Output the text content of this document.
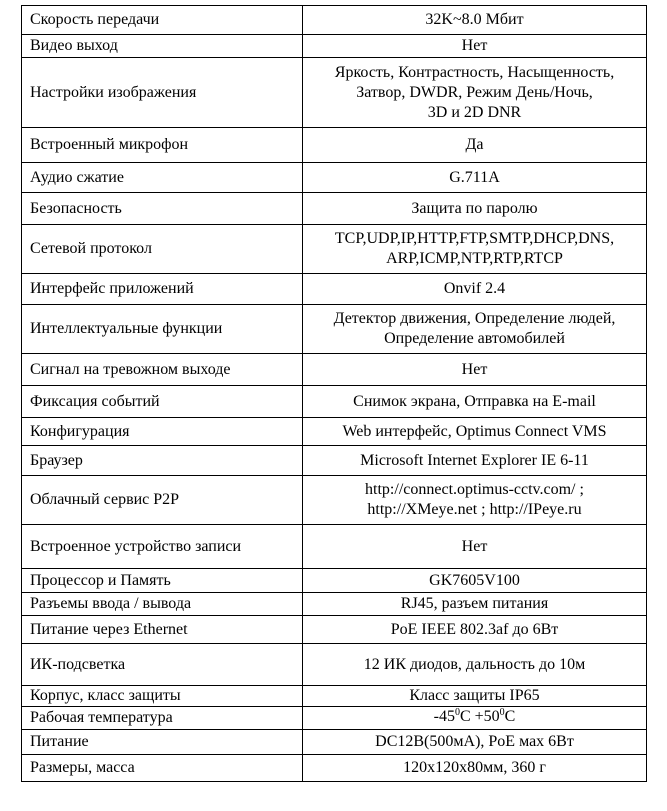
Скорость передачи	32K~8.0 Мбит

Видео выход	Нет

Настройки изображения	Яркость, Контрастность, Насыщенность,
Затвор, DWDR, Режим День/Ночь,
3D и 2D DNR

Встроенный микрофон	Да

Аудио сжатие	G.711A

Безопасность	Защита по паролю

Сетевой протокол	TCP,UDP,IP,HTTP,FTP,SMTP,DHCP,DNS,
ARP,ICMP,NTP,RTP,RTCP

Интерфейс приложений	Onvif 2.4

Интеллектуальные функции	Детектор движения, Определение людей,
Определение автомобилей

Сигнал на тревожном выходе	Нет

Фиксация событий	Снимок экрана, Отправка на E-mail

Конфигурация	Web интерфейс, Optimus Connect VMS

Браузер	Microsoft Internet Explorer IE 6-11

Облачный сервис P2P	http://connect.optimus-cctv.com/ ;
http://XMeye.net ; http://IPeye.ru

Встроенное устройство записи	Нет

Процессор и Память	GK7605V100

Разъемы ввода / вывода	RJ45, разъем питания

Питание через Ethernet	PoE IEEE 802.3af до 6Вт

ИК-подсветка	12 ИК диодов, дальность до 10м

Корпус, класс защиты	Класс защиты IP65

Рабочая температура	$-45^0C +50^0C$
Питание	DC12В(500мА), PoE мах 6Вт

Размеры, масса	120х120х80мм, 360 г
